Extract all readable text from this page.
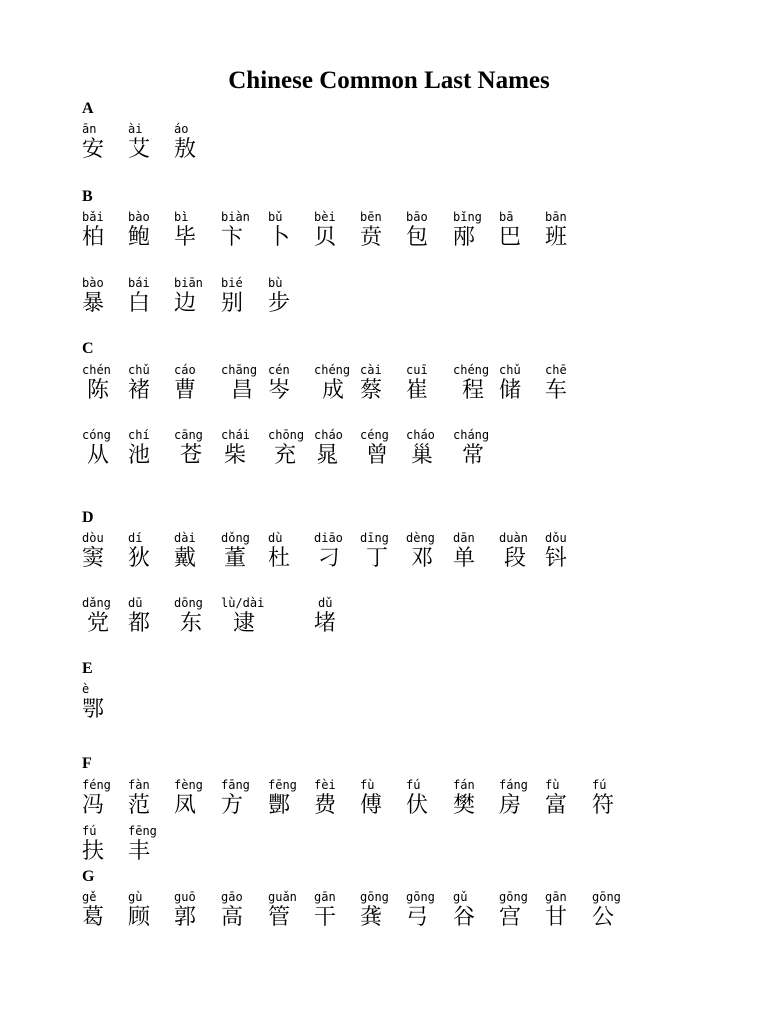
Chinese Common Last Names
A
ān
安
ài
艾
áo
敖
B
bǎi
柏
bào
鲍
bì
毕
biàn
卞
bǔ
卜
bèi
贝
bēn
贲
bāo
包
bǐng
邴
bā
巴
bān
班
bào
暴
bái
白
biān
边
bié
别
bù
步
C
chén
陈
chǔ
褚
cáo
曹
chāng
昌
cén
岑
chéng
成
cài
蔡
cuī
崔
chéng
程
chǔ
储
chē
车
cóng
从
chí
池
cāng
苍
chái
柴
chōng
充
cháo
晁
céng
曾
cháo
巢
cháng
常
D
dòu
窦
dí
狄
dài
戴
dǒng
董
dù
杜
diāo
刁
dīng
丁
dèng
邓
dān
单
duàn
段
dǒu
钭
dǎng
党
dū
都
dōng
东
lù/dài
逮
dǔ
堵
E
è
鄂
F
féng
冯
fàn
范
fèng
凤
fāng
方
fēng
酆
fèi
费
fù
傅
fú
伏
fán
樊
fáng
房
fù
富
fú
符
fú
扶
fēng
丰
G
gě
葛
gù
顾
guō
郭
gāo
高
guǎn
管
gān
干
gōng
龚
gōng
弓
gǔ
谷
gōng
宫
gān
甘
gōng
公
